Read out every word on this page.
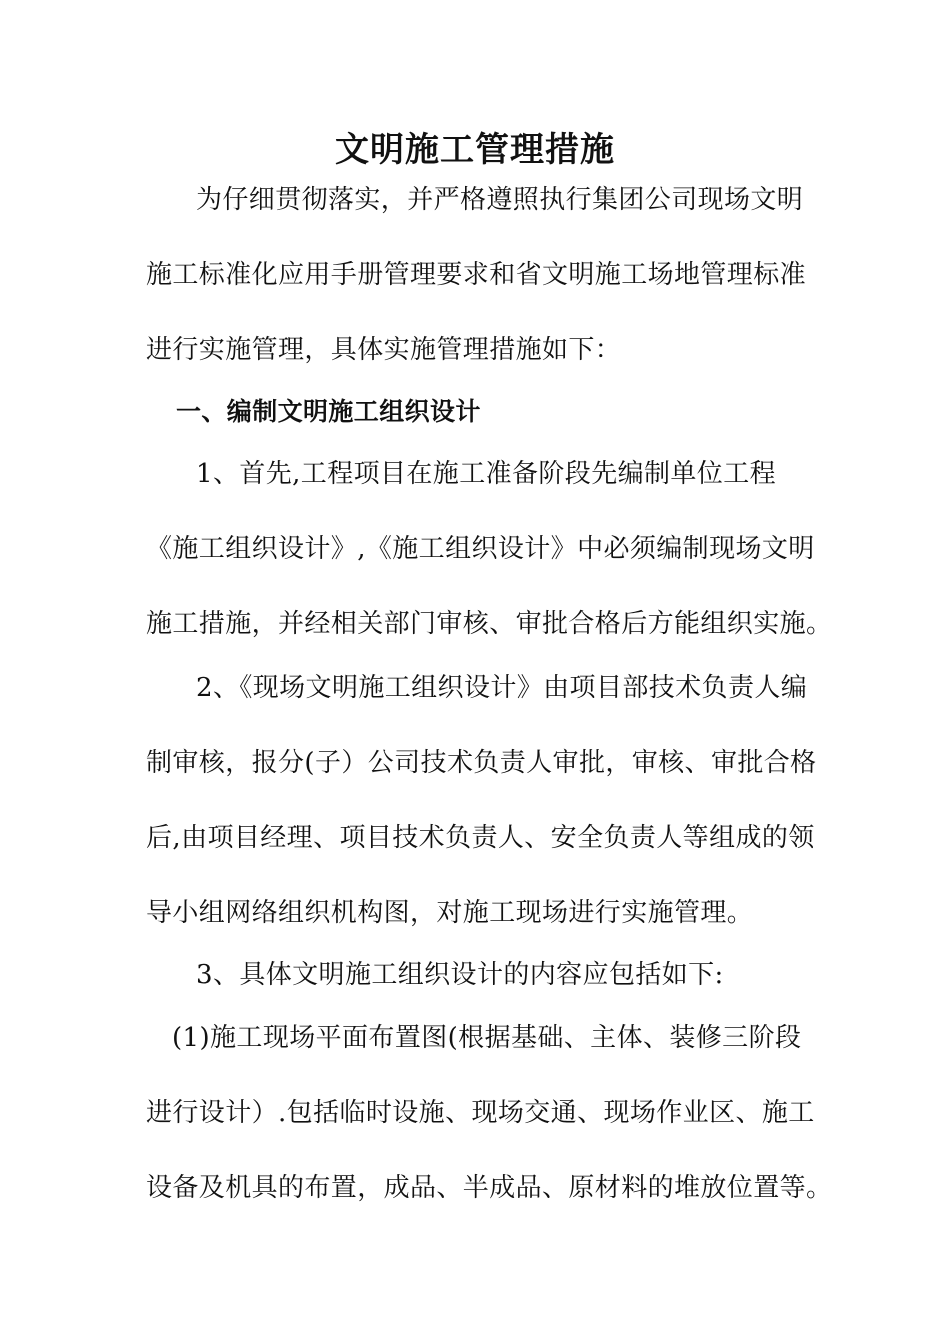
文明施工管理措施
为仔细贯彻落实，并严格遵照执行集团公司现场文明
施工标准化应用手册管理要求和省文明施工场地管理标准
进行实施管理，具体实施管理措施如下：
一、编制文明施工组织设计
1、首先,工程项目在施工准备阶段先编制单位工程
《施工组织设计》,《施工组织设计》中必须编制现场文明
施工措施，并经相关部门审核、审批合格后方能组织实施。
2、《现场文明施工组织设计》由项目部技术负责人编
制审核，报分(子）公司技术负责人审批，审核、审批合格
后,由项目经理、项目技术负责人、安全负责人等组成的领
导小组网络组织机构图，对施工现场进行实施管理。
3、具体文明施工组织设计的内容应包括如下:
(1)施工现场平面布置图(根据基础、主体、装修三阶段
进行设计）.包括临时设施、现场交通、现场作业区、施工
设备及机具的布置，成品、半成品、原材料的堆放位置等。
